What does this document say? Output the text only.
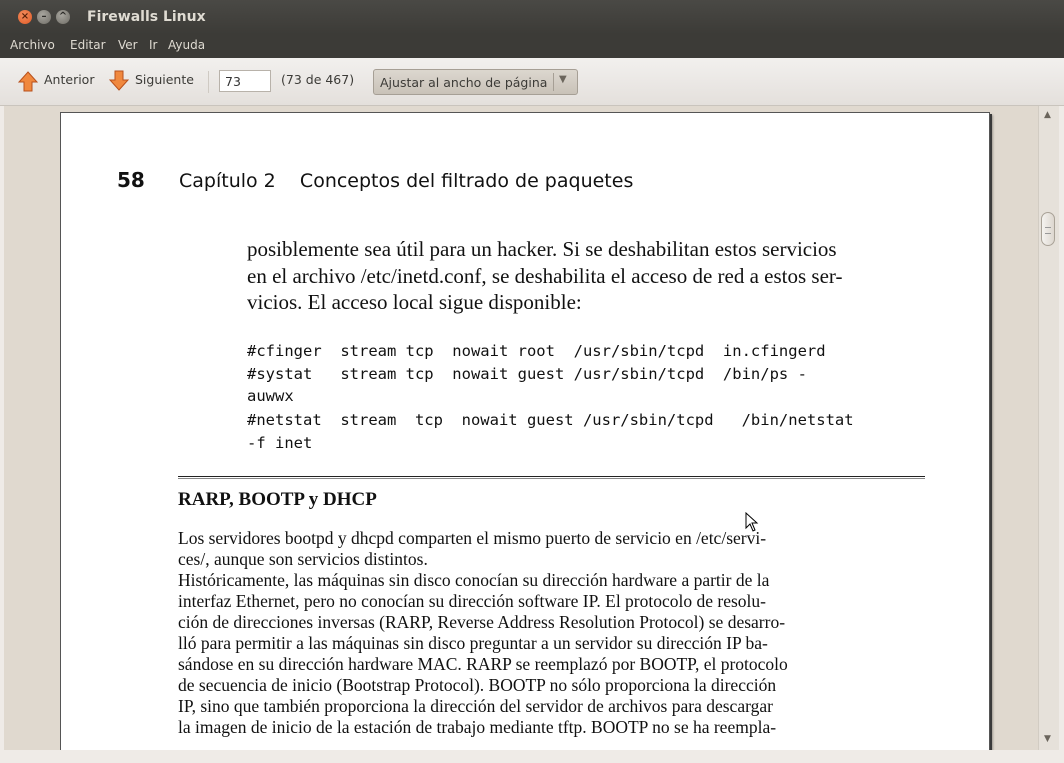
×	–	^ Firewalls Linux
Archivo Editar Ver Ir Ayuda
Anterior	Siguiente	73	(73 de 467) Ajustar al ancho de página ▼
58 Capítulo 2    Conceptos del filtrado de paquetes
posiblemente sea útil para un hacker. Si se deshabilitan estos servicios
en el archivo /etc/inetd.conf, se deshabilita el acceso de red a estos ser-
vicios. El acceso local sigue disponible:
#cfinger  stream tcp  nowait root  /usr/sbin/tcpd  in.cfingerd
#systat   stream tcp  nowait guest /usr/sbin/tcpd  /bin/ps -
auwwx
#netstat  stream  tcp  nowait guest /usr/sbin/tcpd   /bin/netstat
-f inet
RARP, BOOTP y DHCP
Los servidores bootpd y dhcpd comparten el mismo puerto de servicio en /etc/servi-
ces/, aunque son servicios distintos.
Históricamente, las máquinas sin disco conocían su dirección hardware a partir de la
interfaz Ethernet, pero no conocían su dirección software IP. El protocolo de resolu-
ción de direcciones inversas (RARP, Reverse Address Resolution Protocol) se desarro-
lló para permitir a las máquinas sin disco preguntar a un servidor su dirección IP ba-
sándose en su dirección hardware MAC. RARP se reemplazó por BOOTP, el protocolo
de secuencia de inicio (Bootstrap Protocol). BOOTP no sólo proporciona la dirección
IP, sino que también proporciona la dirección del servidor de archivos para descargar
la imagen de inicio de la estación de trabajo mediante tftp. BOOTP no se ha reempla-
▲
▼
